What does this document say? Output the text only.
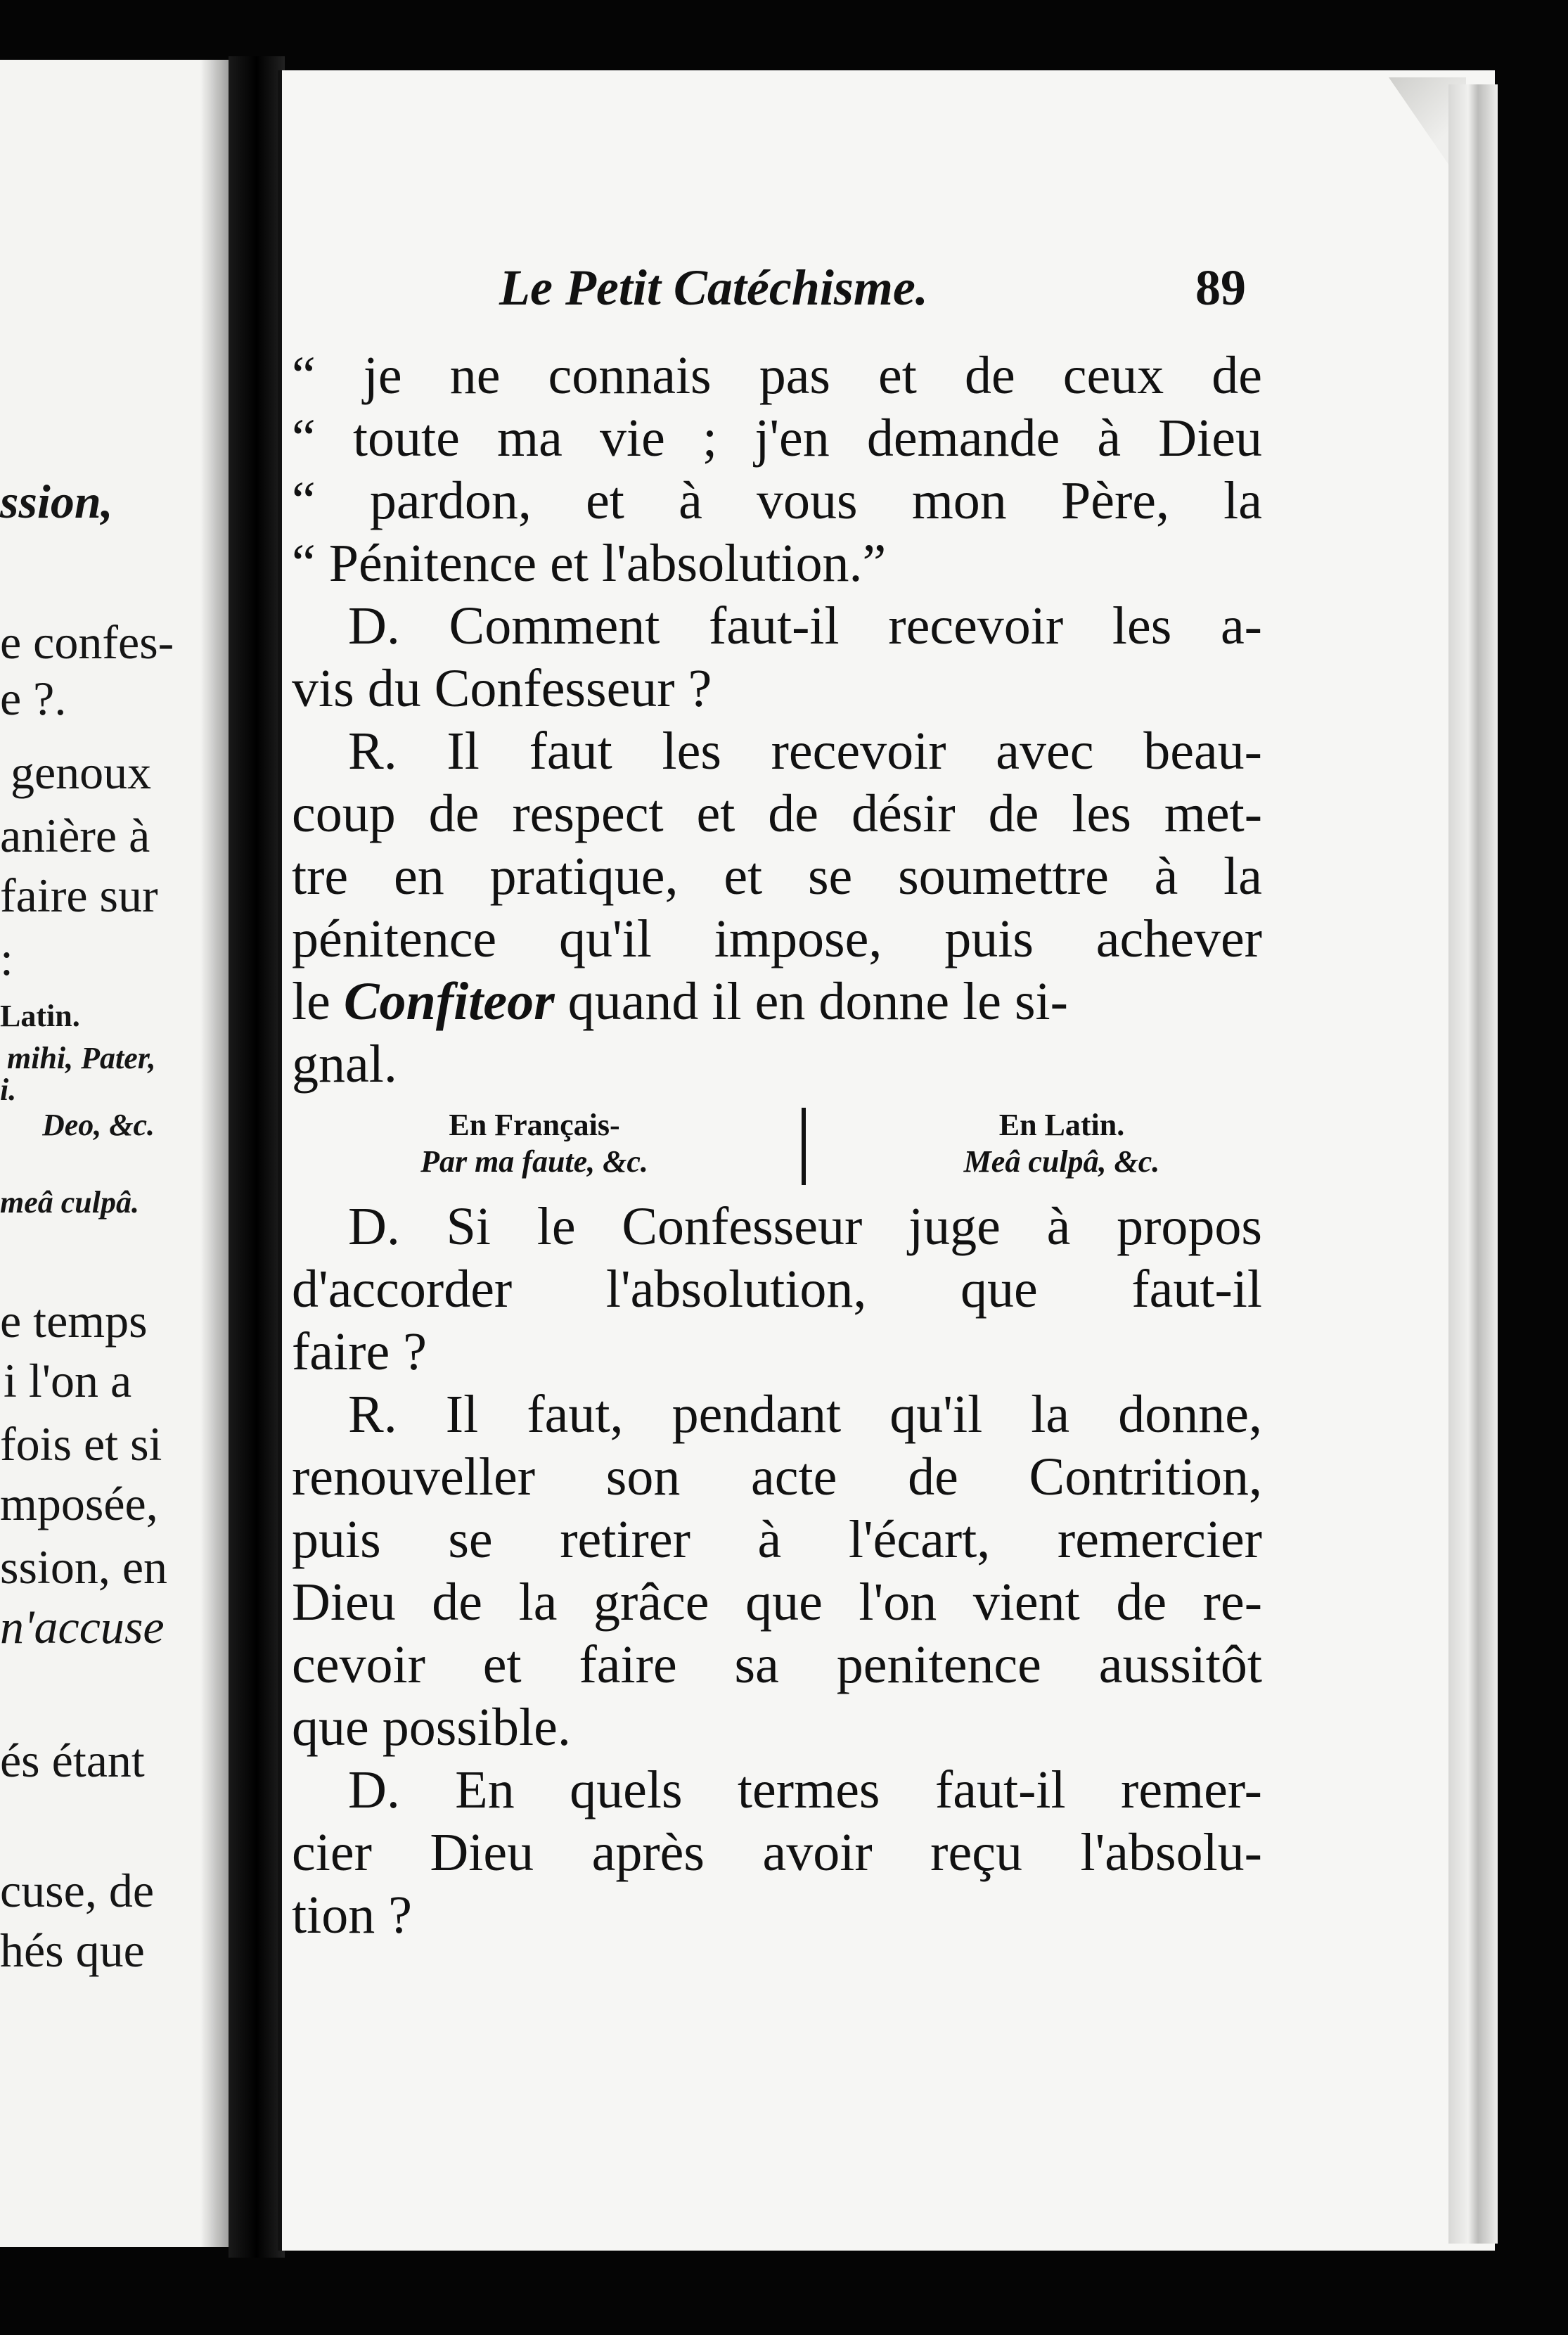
ssion,
e confes-
e ?.
genoux
anière à
faire sur
:
Latin.
mihi, Pater,
i.
Deo, &c.
meâ culpâ.
e temps
i l'on a
fois et si
mposée,
ssion, en
n'accuse
és étant
cuse, de
hés que
Le Petit Catéchisme.	89
“ je ne connais pas et de ceux de
“ toute ma vie ; j'en demande à Dieu
“ pardon, et à vous mon Père, la
“ Pénitence et l'absolution.”
D. Comment faut-il recevoir les a-
vis du Confesseur ?
R. Il faut les recevoir avec beau-
coup de respect et de désir de les met-
tre en pratique, et se soumettre à la
pénitence qu'il impose, puis achever
le Confiteor quand il en donne le si-
gnal.
En Français-
Par ma faute, &c.
En Latin.
Meâ culpâ, &c.
D. Si le Confesseur juge à propos
d'accorder l'absolution, que faut-il
faire ?
R. Il faut, pendant qu'il la donne,
renouveller son acte de Contrition,
puis se retirer à l'écart, remercier
Dieu de la grâce que l'on vient de re-
cevoir et faire sa penitence aussitôt
que possible.
D. En quels termes faut-il remer-
cier Dieu après avoir reçu l'absolu-
tion ?
